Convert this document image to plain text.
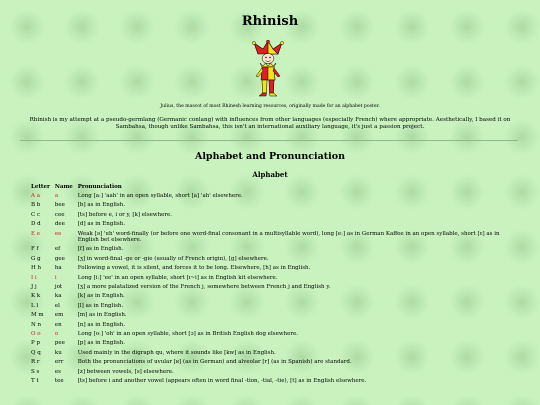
Rhinish
Julius, the mascot of most Rhinesh learning resources, originally made for an alphabet poster.
Rhinish is my attempt at a pseudo-germlang (Germanic conlang) with influences from other languages (especially French) where appropriate. Aesthetically, I based it on Sambahsa, though unlike Sambahsa, this isn't an international auxiliary language, it's just a passion project.
Alphabet and Pronunciation
Alphabet
Letter	Name	Pronunciation
A a	a	Long [aː] 'aah' in an open syllable, short [a] 'ah' elsewhere.
B b	bee	[b] as in English.
C c	cee	[ts] before e, i or y, [k] elsewhere.
D d	dee	[d] as in English.
E e	ee	Weak [ə] 'uh' word-finally (or before one word-final consonant in a multisyllable word), long [eː] as in German Kaffee in an open syllable, short [ɛ] as in English bet elsewhere.
F f	ef	[f] as in English.
G g	gee	[ʒ] in word-final -ge or -gie (usually of French origin), [g] elsewhere.
H h	ha	Following a vowel, it is silent, and forces it to be long. Elsewhere, [h] as in English.
I i	i	Long [iː] 'ee' in an open syllable, short [ɪ~i] as in English kit elsewhere.
J j	jot	[ʒ] a more palatalized version of the French j, somewhere between French j and English y.
K k	ka	[k] as in English.
L l	el	[l] as in English.
M m	em	[m] as in English.
N n	en	[n] as in English.
O o	o	Long [oː] 'oh' in an open syllable, short [ɔ] as in British English dog elsewhere.
P p	pee	[p] as in English.
Q q	ku	Used mainly in the digraph qu, where it sounds like [kw] as in English.
R r	err	Both the pronunciations of uvular [ʁ] (as in German) and alveolar [r] (as in Spanish) are standard.
S s	es	[z] between vowels, [s] elsewhere.
T t	tee	[ts] before i and another vowel (appears often in word final -tion, -tial, -tie), [t] as in English elsewhere.
